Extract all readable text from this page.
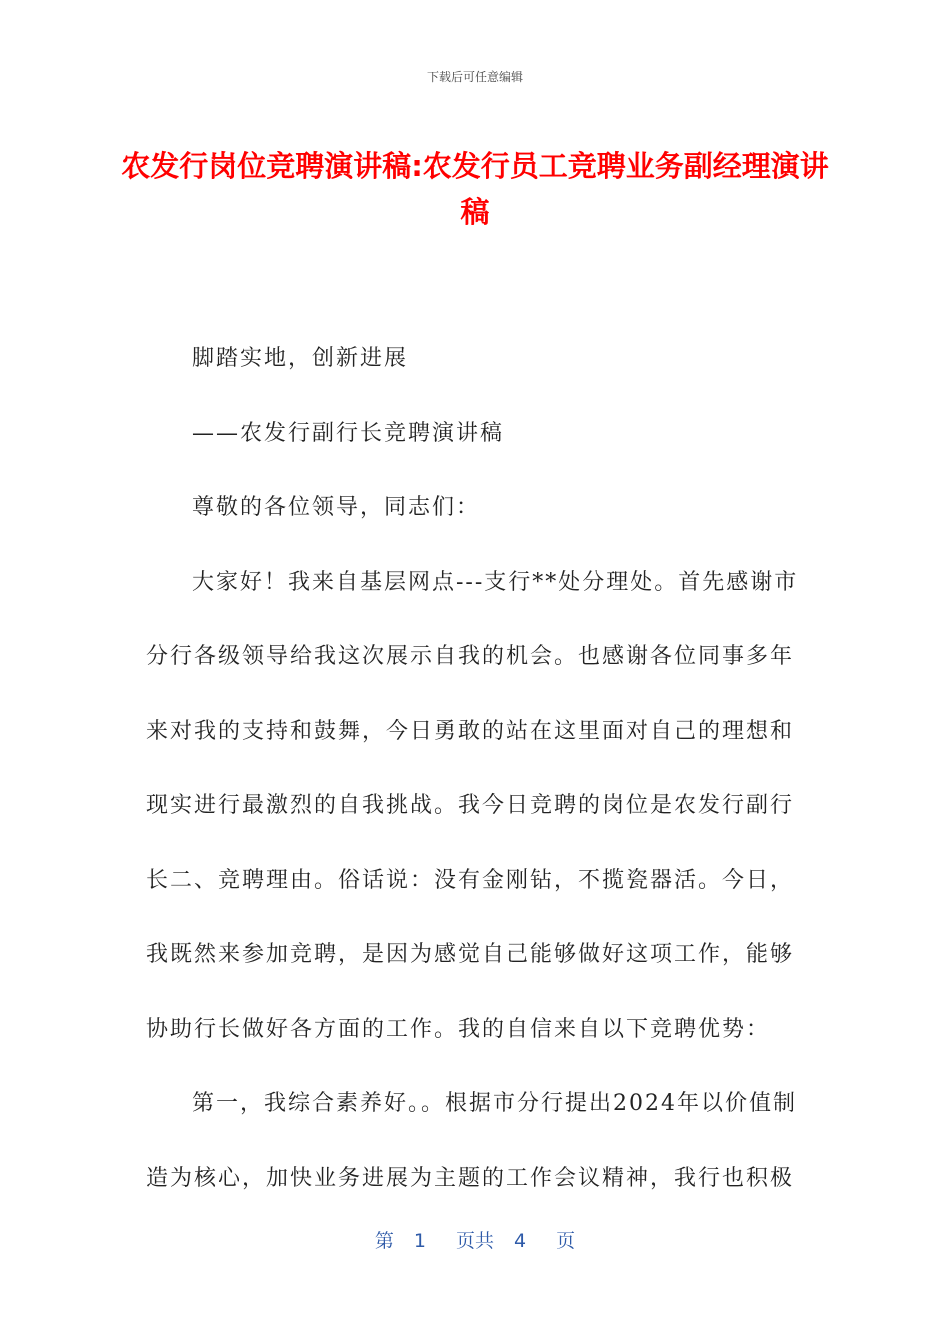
下载后可任意编辑
农发行岗位竞聘演讲稿:农发行员工竞聘业务副经理演讲稿

脚踏实地，创新进展

——农发行副行长竞聘演讲稿

尊敬的各位领导，同志们：

大家好！我来自基层网点---支行**处分理处。首先感谢市分行各级领导给我这次展示自我的机会。也感谢各位同事多年来对我的支持和鼓舞，今日勇敢的站在这里面对自己的理想和现实进行最激烈的自我挑战。我今日竞聘的岗位是农发行副行长二、竞聘理由。俗话说：没有金刚钻，不揽瓷器活。今日，我既然来参加竞聘，是因为感觉自己能够做好这项工作，能够协助行长做好各方面的工作。我的自信来自以下竞聘优势：

第一，我综合素养好。。根据市分行提出2024年以价值制造为核心，加快业务进展为主题的工作会议精神，我行也积极

第 1 页共 4 页
